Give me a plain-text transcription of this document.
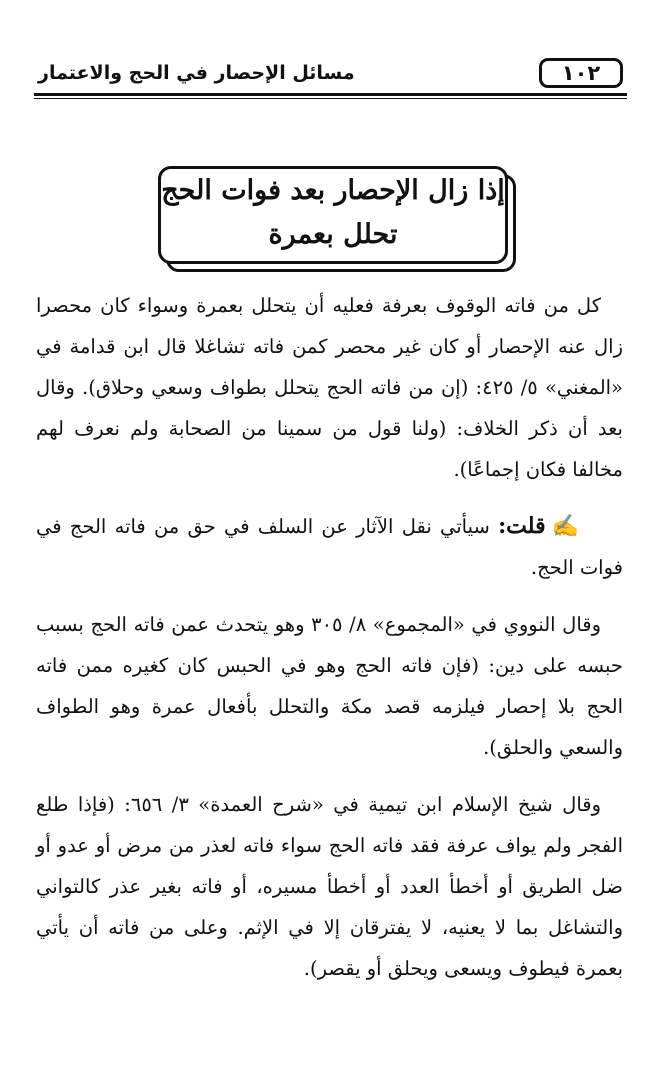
١٠٢
مسائل الإحصار في الحج والاعتمار
إذا زال الإحصار بعد فوات الحج
تحلل بعمرة

كل من فاته الوقوف بعرفة فعليه أن يتحلل بعمرة وسواء كان محصرا زال عنه الإحصار أو كان غير محصر كمن فاته تشاغلا قال ابن قدامة في «المغني» ٥/ ٤٢٥: (إن من فاته الحج يتحلل بطواف وسعي وحلاق). وقال بعد أن ذكر الخلاف: (ولنا قول من سمينا من الصحابة ولم نعرف لهم مخالفا فكان إجماعًا).

✍قلت: سيأتي نقل الآثار عن السلف في حق من فاته الحج في فوات الحج.

وقال النووي في «المجموع» ٨/ ٣٠٥ وهو يتحدث عمن فاته الحج بسبب حبسه على دين: (فإن فاته الحج وهو في الحبس كان كغيره ممن فاته الحج بلا إحصار فيلزمه قصد مكة والتحلل بأفعال عمرة وهو الطواف والسعي والحلق).

وقال شيخ الإسلام ابن تيمية في «شرح العمدة» ٣/ ٦٥٦: (فإذا طلع الفجر ولم يواف عرفة فقد فاته الحج سواء فاته لعذر من مرض أو عدو أو ضل الطريق أو أخطأ العدد أو أخطأ مسيره، أو فاته بغير عذر كالتواني والتشاغل بما لا يعنيه، لا يفترقان إلا في الإثم. وعلى من فاته أن يأتي بعمرة فيطوف ويسعى ويحلق أو يقصر).
